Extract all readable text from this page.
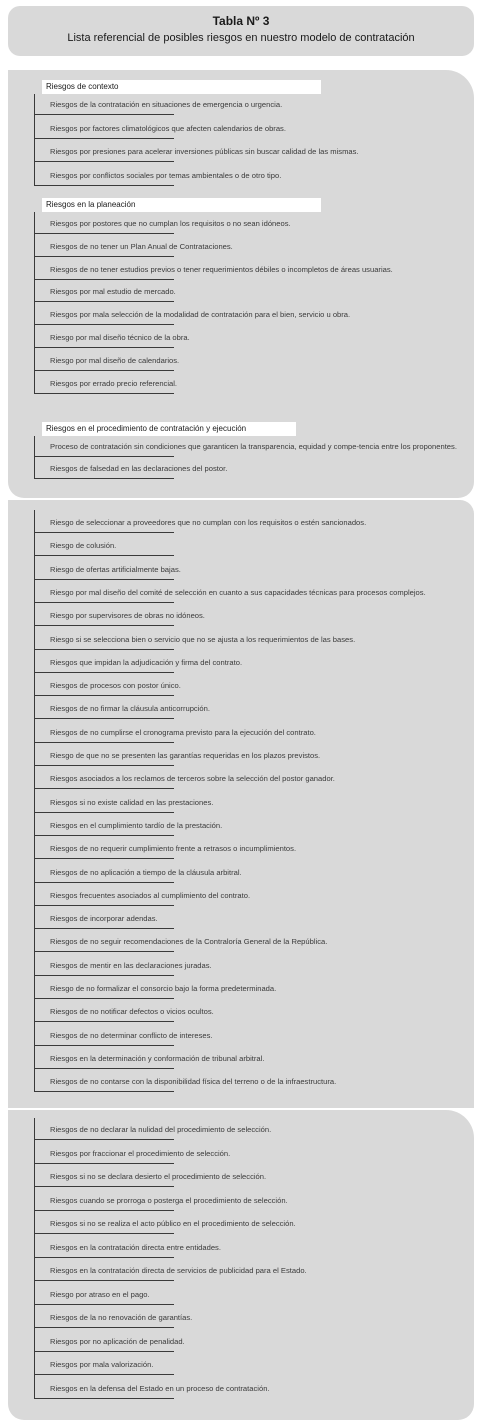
Tabla Nº 3
Lista referencial de posibles riesgos en nuestro modelo de contratación
Riesgos de contexto
Riesgos de la contratación en situaciones de emergencia o urgencia.
Riesgos por factores climatológicos que afecten calendarios de obras.
Riesgos por presiones para acelerar inversiones públicas sin buscar calidad de las mismas.
Riesgos por conflictos sociales por temas ambientales o de otro tipo.
Riesgos en la planeación
Riesgos por postores que no cumplan los requisitos o no sean idóneos.
Riesgos de no tener un Plan Anual de Contrataciones.
Riesgos de no tener estudios previos o tener requerimientos débiles o incompletos de áreas usuarias.
Riesgos por mal estudio de mercado.
Riesgos por mala selección de la modalidad de contratación para el bien, servicio u obra.
Riesgo por mal diseño técnico de la obra.
Riesgo por mal diseño de calendarios.
Riesgos por errado precio referencial.
Riesgos en el procedimiento de contratación y ejecución
Proceso de contratación sin condiciones que garanticen la transparencia, equidad y compe-tencia entre los proponentes.
Riesgos de falsedad en las declaraciones del postor.
Riesgo de seleccionar a proveedores que no cumplan con los requisitos o estén sancionados.
Riesgo de colusión.
Riesgo de ofertas artificialmente bajas.
Riesgo por mal diseño del comité de selección en cuanto a sus capacidades técnicas para procesos complejos.
Riesgo por supervisores de obras no idóneos.
Riesgo si se selecciona bien o servicio que no se ajusta a los requerimientos de las bases.
Riesgos que impidan la adjudicación y firma del contrato.
Riesgos de procesos con postor único.
Riesgos de no firmar la cláusula anticorrupción.
Riesgos de no cumplirse el cronograma previsto para la ejecución del contrato.
Riesgo de que no se presenten las garantías requeridas en los plazos previstos.
Riesgos asociados a los reclamos de terceros sobre la selección del postor ganador.
Riesgos si no existe calidad en las prestaciones.
Riesgos en el cumplimiento tardío de la prestación.
Riesgos de no requerir cumplimiento frente a retrasos o incumplimientos.
Riesgos de no aplicación a tiempo de la cláusula arbitral.
Riesgos frecuentes asociados al cumplimiento del contrato.
Riesgos de incorporar adendas.
Riesgos de no seguir recomendaciones de la Contraloría General de la República.
Riesgos de mentir en las declaraciones juradas.
Riesgo de no formalizar el consorcio bajo la forma predeterminada.
Riesgos de no notificar defectos o vicios ocultos.
Riesgos de no determinar conflicto de intereses.
Riesgos en la determinación y conformación de tribunal arbitral.
Riesgos de no contarse con la disponibilidad física del terreno o de la infraestructura.
Riesgos de no declarar la nulidad del procedimiento de selección.
Riesgos por fraccionar el procedimiento de selección.
Riesgos si no se declara desierto el procedimiento de selección.
Riesgos cuando se prorroga o posterga el procedimiento de selección.
Riesgos si no se realiza el acto público en el procedimiento de selección.
Riesgos en la contratación directa entre entidades.
Riesgos en la contratación directa de servicios de publicidad para el Estado.
Riesgo por atraso en el pago.
Riesgos de la no renovación de garantías.
Riesgos por no aplicación de penalidad.
Riesgos por mala valorización.
Riesgos en la defensa del Estado en un proceso de contratación.
